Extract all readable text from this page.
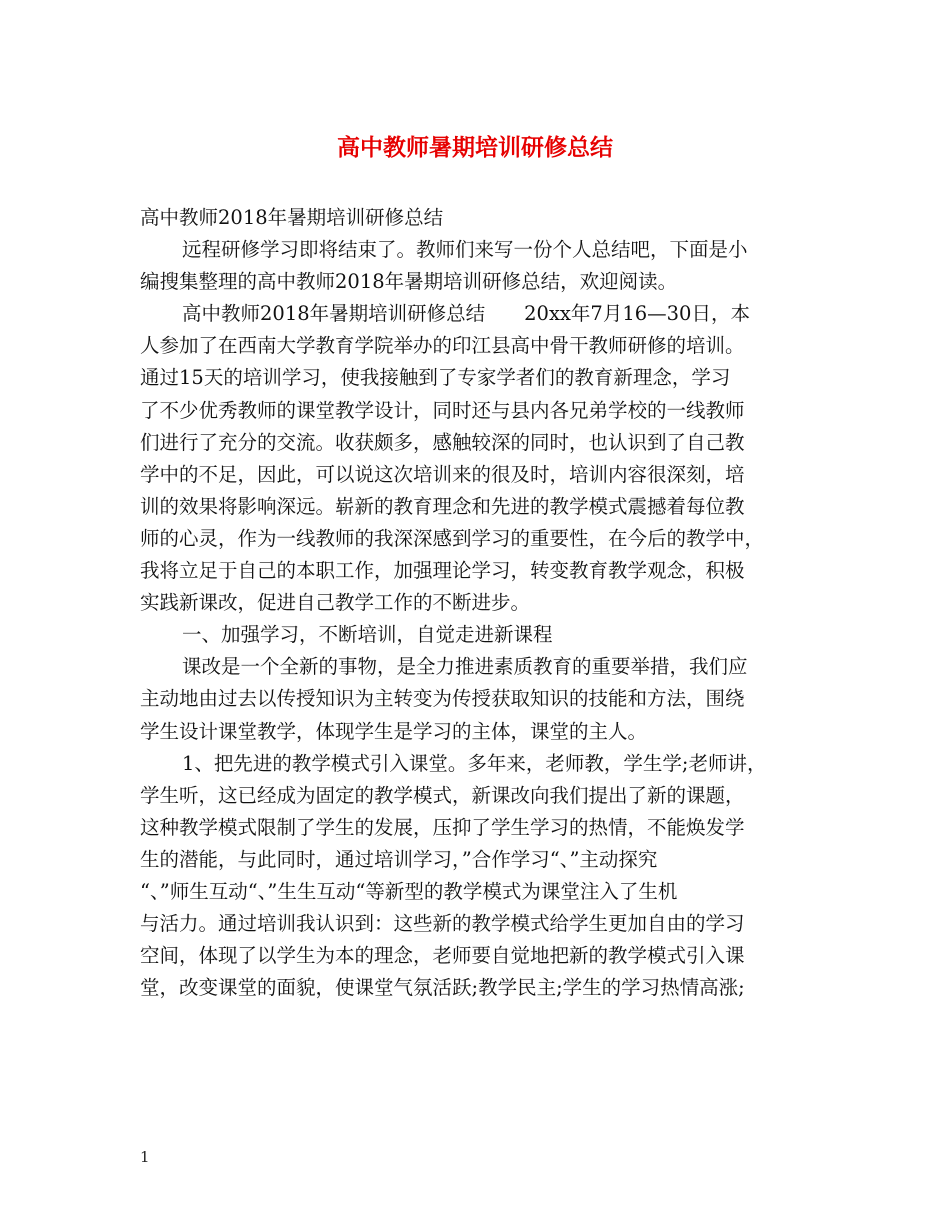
高中教师暑期培训研修总结
高中教师2018年暑期培训研修总结
远程研修学习即将结束了。教师们来写一份个人总结吧，下面是小
编搜集整理的高中教师2018年暑期培训研修总结，欢迎阅读。
高中教师2018年暑期培训研修总结　　20xx年7月16—30日，本
人参加了在西南大学教育学院举办的印江县高中骨干教师研修的培训。
通过15天的培训学习，使我接触到了专家学者们的教育新理念，学习
了不少优秀教师的课堂教学设计，同时还与县内各兄弟学校的一线教师
们进行了充分的交流。收获颇多，感触较深的同时，也认识到了自己教
学中的不足，因此，可以说这次培训来的很及时，培训内容很深刻，培
训的效果将影响深远。崭新的教育理念和先进的教学模式震撼着每位教
师的心灵，作为一线教师的我深深感到学习的重要性，在今后的教学中，
我将立足于自己的本职工作，加强理论学习，转变教育教学观念，积极
实践新课改，促进自己教学工作的不断进步。
一、加强学习，不断培训，自觉走进新课程
课改是一个全新的事物，是全力推进素质教育的重要举措，我们应
主动地由过去以传授知识为主转变为传授获取知识的技能和方法，围绕
学生设计课堂教学，体现学生是学习的主体，课堂的主人。
1、把先进的教学模式引入课堂。多年来，老师教，学生学;老师讲，
学生听，这已经成为固定的教学模式，新课改向我们提出了新的课题，
这种教学模式限制了学生的发展，压抑了学生学习的热情，不能焕发学
生的潜能，与此同时，通过培训学习，”合作学习“、”主动探究
“、”师生互动“、”生生互动“等新型的教学模式为课堂注入了生机
与活力。通过培训我认识到：这些新的教学模式给学生更加自由的学习
空间，体现了以学生为本的理念，老师要自觉地把新的教学模式引入课
堂，改变课堂的面貌，使课堂气氛活跃;教学民主;学生的学习热情高涨;
1
